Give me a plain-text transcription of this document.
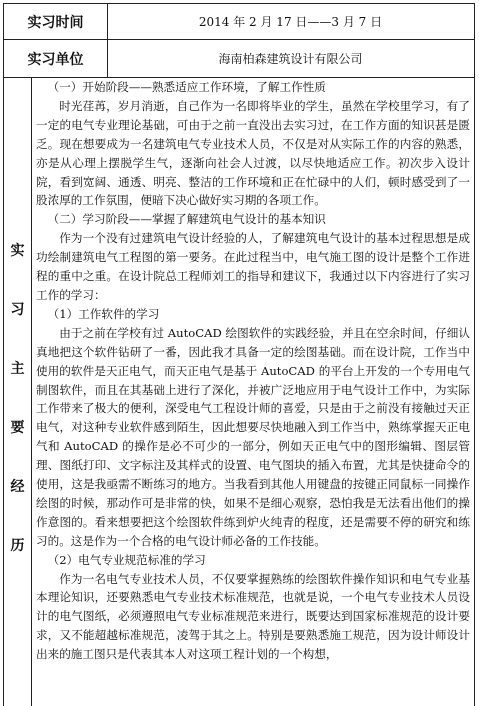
实习时间	2014 年 2 月 17 日——3 月 7 日
实习单位	海南柏森建筑设计有限公司
实
习
主
要
经
历

（一）开始阶段——熟悉适应工作环境，了解工作性质

时光荏苒，岁月消逝，自己作为一名即将毕业的学生，虽然在学校里学习，有了一定的电气专业理论基础，可由于之前一直没出去实习过，在工作方面的知识甚是匮乏。现在想要成为一名建筑电气专业技术人员，不仅是对从实际工作的内容的熟悉，亦是从心理上摆脱学生气，逐渐向社会人过渡，以尽快地适应工作。初次步入设计院，看到宽阔、通透、明亮、整洁的工作环境和正在忙碌中的人们，顿时感受到了一股浓厚的工作氛围，便暗下决心做好实习期的各项工作。

（二）学习阶段——掌握了解建筑电气设计的基本知识

作为一个没有过建筑电气设计经验的人，了解建筑电气设计的基本过程思想是成功绘制建筑电气工程图的第一要务。在此过程当中，电气施工图的设计是整个工作进程的重中之重。在设计院总工程师刘工的指导和建议下，我通过以下内容进行了实习工作的学习：

（1）工作软件的学习

由于之前在学校有过 AutoCAD 绘图软件的实践经验，并且在空余时间，仔细认真地把这个软件钻研了一番，因此我才具备一定的绘图基础。而在设计院，工作当中使用的软件是天正电气，而天正电气是基于 AutoCAD 的平台上开发的一个专用电气制图软件，而且在其基础上进行了深化，并被广泛地应用于电气设计工作中，为实际工作带来了极大的便利，深受电气工程设计师的喜爱，只是由于之前没有接触过天正电气，对这种专业软件感到陌生，因此想要尽快地融入到工作当中，熟练掌握天正电气和 AutoCAD 的操作是必不可少的一部分，例如天正电气中的图形编辑、图层管理、图纸打印、文字标注及其样式的设置、电气图块的插入布置，尤其是快捷命令的使用，这是我亟需不断练习的地方。当我看到其他人用键盘的按键正同鼠标一同操作绘图的时候，那动作可是非常的快，如果不是细心观察，恐怕我是无法看出他们的操作意图的。看来想要把这个绘图软件练到炉火纯青的程度，还是需要不停的研究和练习的。这是作为一个合格的电气设计师必备的工作技能。

（2）电气专业规范标准的学习

作为一名电气专业技术人员，不仅要掌握熟练的绘图软件操作知识和电气专业基本理论知识，还要熟悉电气专业技术标准规范，也就是说，一个电气专业技术人员设计的电气图纸，必须遵照电气专业标准规范来进行，既要达到国家标准规范的设计要求，又不能超越标准规范，凌驾于其之上。特别是要熟悉施工规范，因为设计师设计出来的施工图只是代表其本人对这项工程计划的一个构想，
